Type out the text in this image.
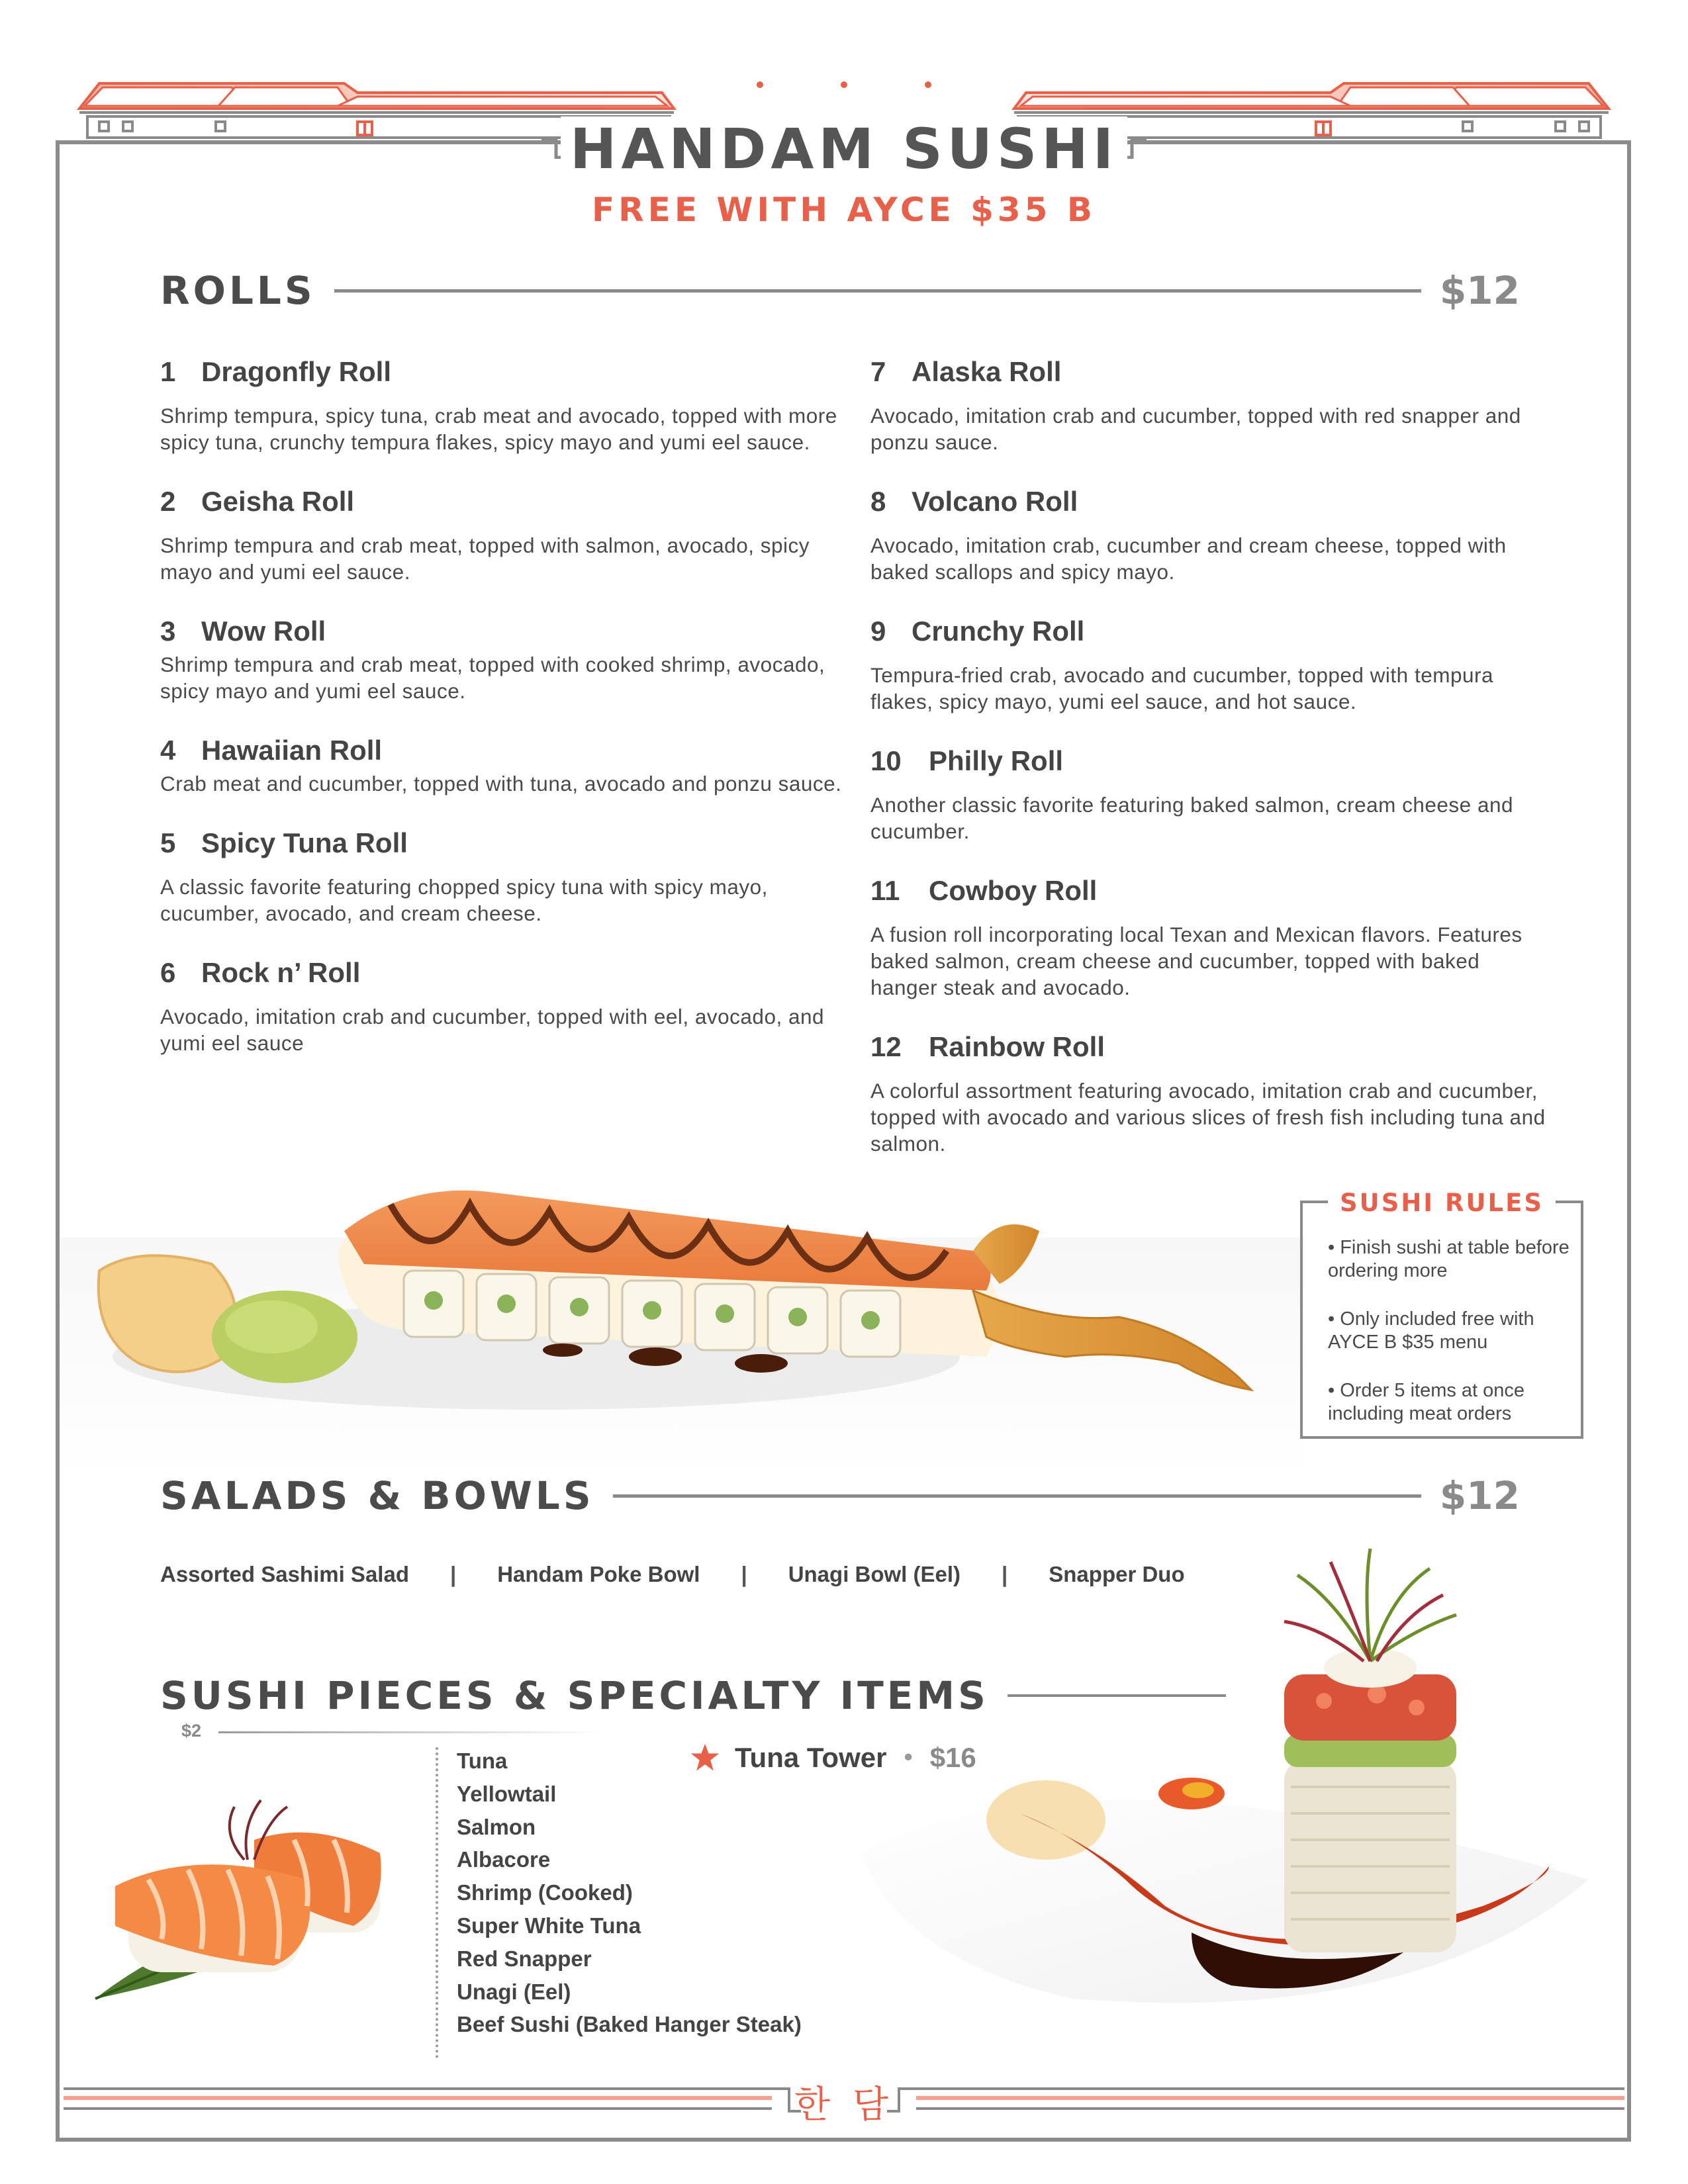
HANDAM SUSHI
FREE WITH AYCE $35 B
ROLLS	$12
1 Dragonfly Roll
Shrimp tempura, spicy tuna, crab meat and avocado, topped with more spicy tuna, crunchy tempura flakes, spicy mayo and yumi eel sauce.
2 Geisha Roll
Shrimp tempura and crab meat, topped with salmon, avocado, spicy mayo and yumi eel sauce.
3 Wow Roll
Shrimp tempura and crab meat, topped with cooked shrimp, avocado, spicy mayo and yumi eel sauce.
4 Hawaiian Roll
Crab meat and cucumber, topped with tuna, avocado and ponzu sauce.
5 Spicy Tuna Roll
A classic favorite featuring chopped spicy tuna with spicy mayo, cucumber, avocado, and cream cheese.
6 Rock n’ Roll
Avocado, imitation crab and cucumber, topped with eel, avocado, and yumi eel sauce
7 Alaska Roll
Avocado, imitation crab and cucumber, topped with red snapper and ponzu sauce.
8 Volcano Roll
Avocado, imitation crab, cucumber and cream cheese, topped with baked scallops and spicy mayo.
9 Crunchy Roll
Tempura-fried crab, avocado and cucumber, topped with tempura flakes, spicy mayo, yumi eel sauce, and hot sauce.
10 Philly Roll
Another classic favorite featuring baked salmon, cream cheese and cucumber.
11 Cowboy Roll
A fusion roll incorporating local Texan and Mexican flavors. Features baked salmon, cream cheese and cucumber, topped with baked hanger steak and avocado.
12 Rainbow Roll
A colorful assortment featuring avocado, imitation crab and cucumber, topped with avocado and various slices of fresh fish including tuna and salmon.
SUSHI RULES
• Finish sushi at table before ordering more
• Only included free with AYCE B $35 menu
• Order 5 items at once including meat orders
SALADS & BOWLS	$12
Assorted Sashimi Salad | Handam Poke Bowl | Unagi Bowl (Eel) | Snapper Duo
SUSHI PIECES & SPECIALTY ITEMS
$2
Tuna
Yellowtail
Salmon
Albacore
Shrimp (Cooked)
Super White Tuna
Red Snapper
Unagi (Eel)
Beef Sushi (Baked Hanger Steak)
Tuna Tower • $16
한 담
